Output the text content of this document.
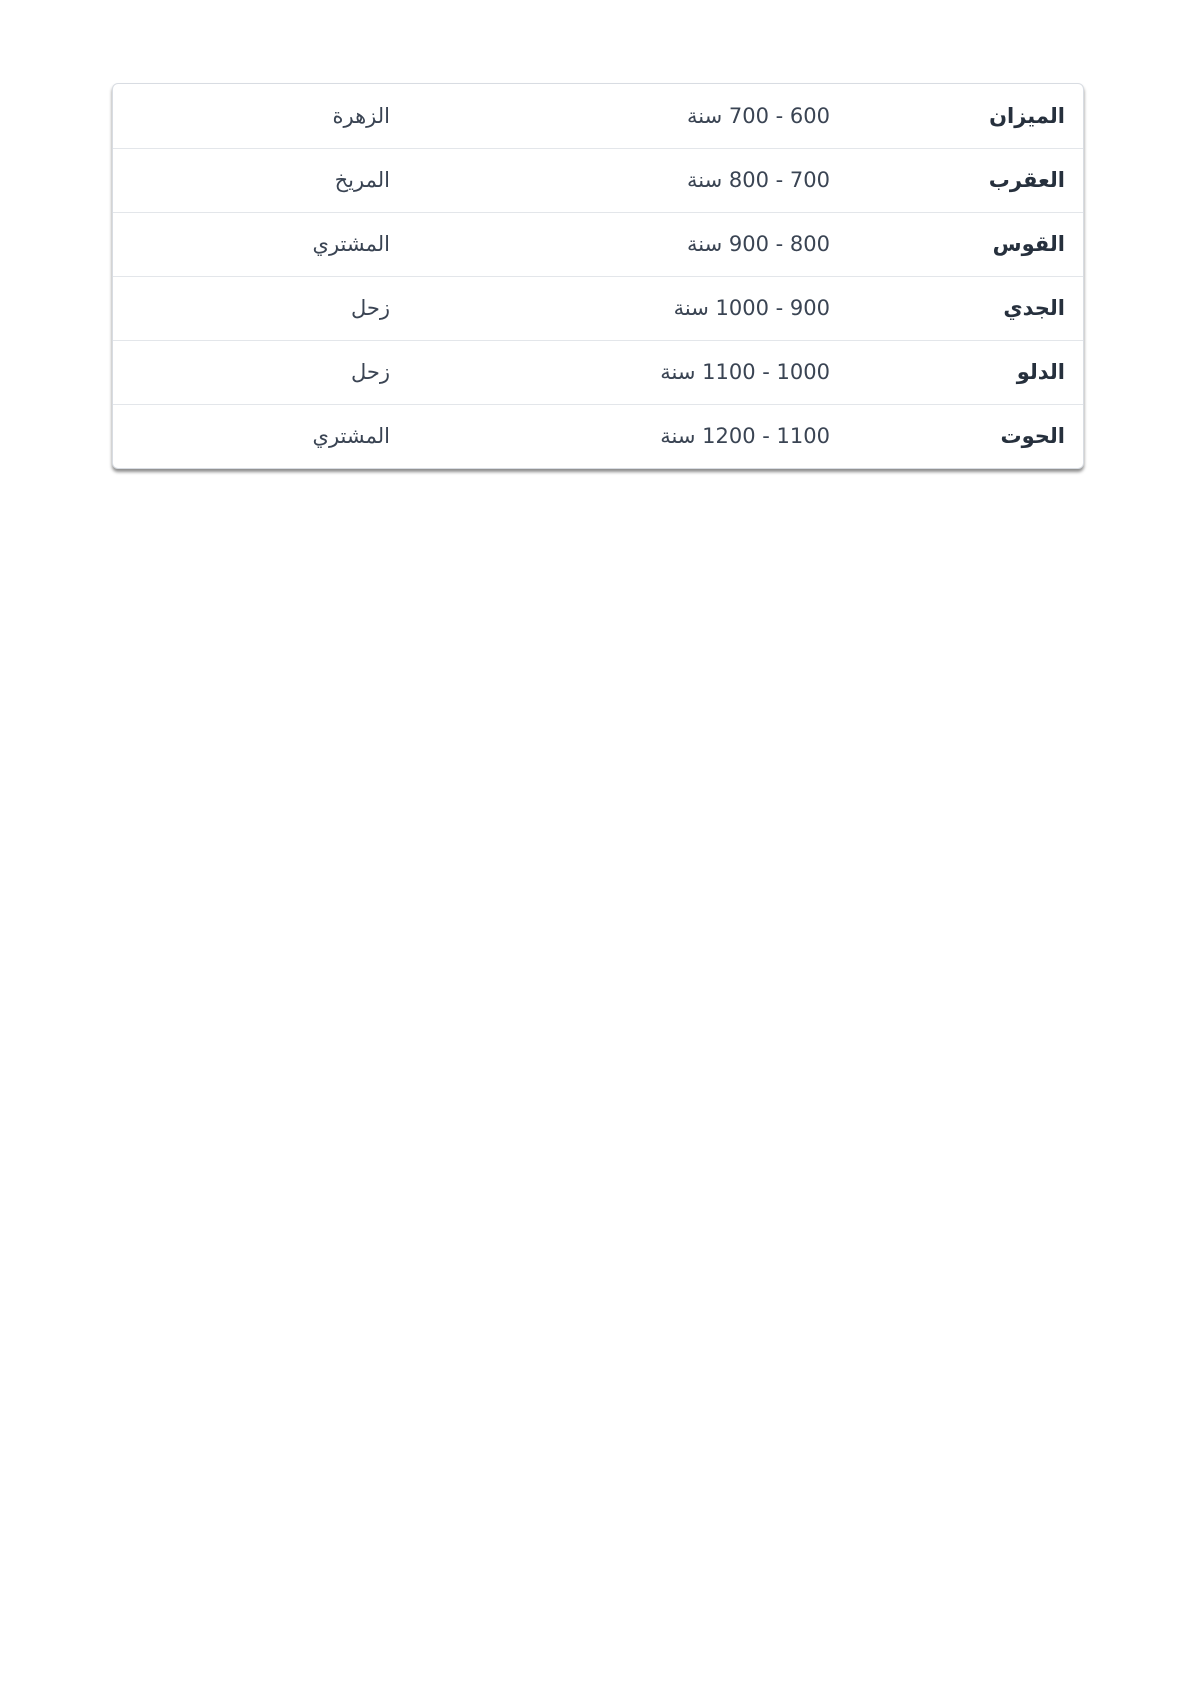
الميزان	600 - 700 سنة	الزهرة
العقرب	700 - 800 سنة	المريخ
القوس	800 - 900 سنة	المشتري
الجدي	900 - 1000 سنة	زحل
الدلو	1000 - 1100 سنة	زحل
الحوت	1100 - 1200 سنة	المشتري
